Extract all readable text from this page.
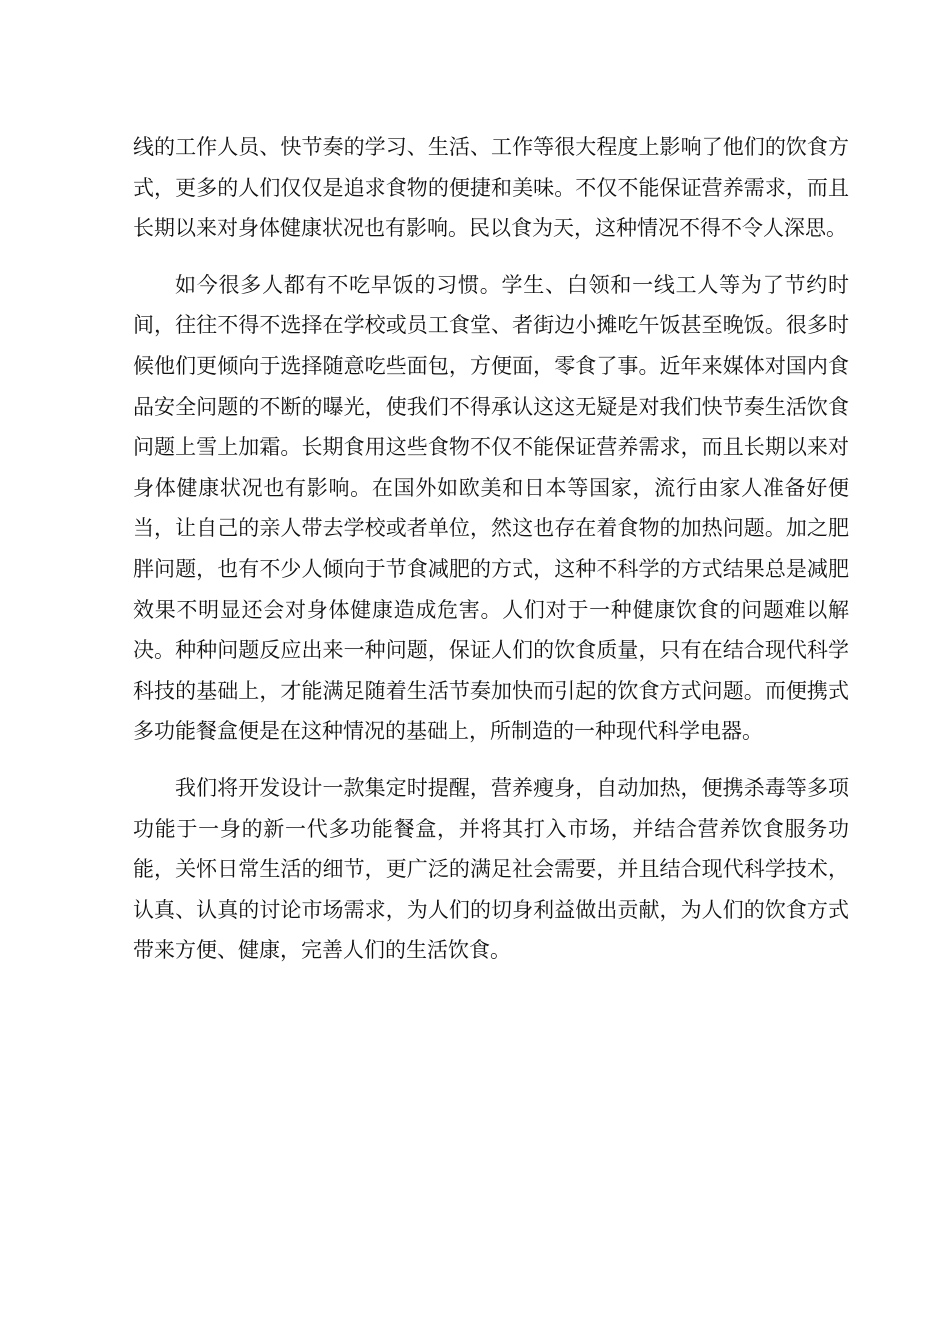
线的工作人员、快节奏的学习、生活、工作等很大程度上影响了他们的饮食方式，更多的人们仅仅是追求食物的便捷和美味。不仅不能保证营养需求，而且长期以来对身体健康状况也有影响。民以食为天，这种情况不得不令人深思。

如今很多人都有不吃早饭的习惯。学生、白领和一线工人等为了节约时间，往往不得不选择在学校或员工食堂、者街边小摊吃午饭甚至晚饭。很多时候他们更倾向于选择随意吃些面包，方便面，零食了事。近年来媒体对国内食品安全问题的不断的曝光，使我们不得承认这这无疑是对我们快节奏生活饮食问题上雪上加霜。长期食用这些食物不仅不能保证营养需求，而且长期以来对身体健康状况也有影响。在国外如欧美和日本等国家，流行由家人准备好便当，让自己的亲人带去学校或者单位，然这也存在着食物的加热问题。加之肥胖问题，也有不少人倾向于节食减肥的方式，这种不科学的方式结果总是减肥效果不明显还会对身体健康造成危害。人们对于一种健康饮食的问题难以解决。种种问题反应出来一种问题，保证人们的饮食质量，只有在结合现代科学科技的基础上，才能满足随着生活节奏加快而引起的饮食方式问题。而便携式多功能餐盒便是在这种情况的基础上，所制造的一种现代科学电器。

我们将开发设计一款集定时提醒，营养瘦身，自动加热，便携杀毒等多项功能于一身的新一代多功能餐盒，并将其打入市场，并结合营养饮食服务功能，关怀日常生活的细节，更广泛的满足社会需要，并且结合现代科学技术，认真、认真的讨论市场需求，为人们的切身利益做出贡献，为人们的饮食方式带来方便、健康，完善人们的生活饮食。
